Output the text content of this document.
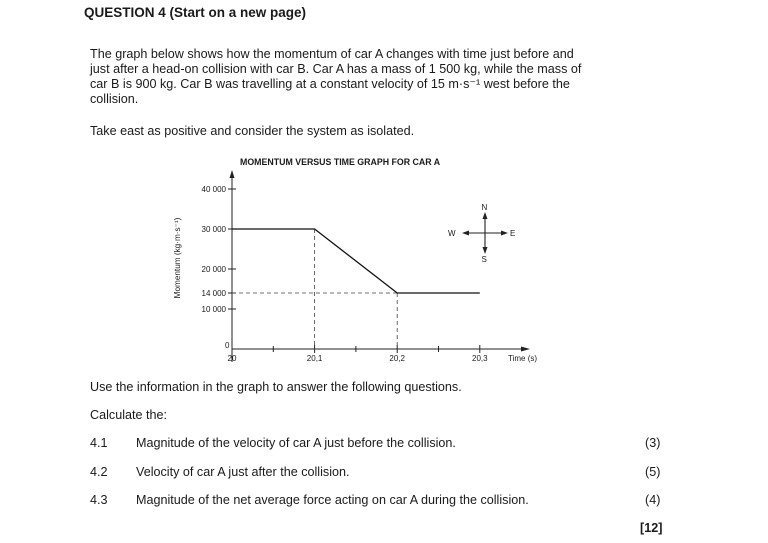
QUESTION 4 (Start on a new page)
The graph below shows how the momentum of car A changes with time just before and
just after a head-on collision with car B. Car A has a mass of 1 500 kg, while the mass of
car B is 900 kg. Car B was travelling at a constant velocity of 15 m·s⁻¹ west before the
collision.
Take east as positive and consider the system as isolated.
MOMENTUM VERSUS TIME GRAPH FOR CAR A
Momentum (kg·m·s⁻¹)
Time (s)
0
40 000
30 000
20 000
14 000
10 000
20	20,1	20,2	20,3
N
S
W	E
Use the information in the graph to answer the following questions.
Calculate the:
4.1 Magnitude of the velocity of car A just before the collision.	(3)
4.2 Velocity of car A just after the collision.	(5)
4.3 Magnitude of the net average force acting on car A during the collision.	(4)
[12]
